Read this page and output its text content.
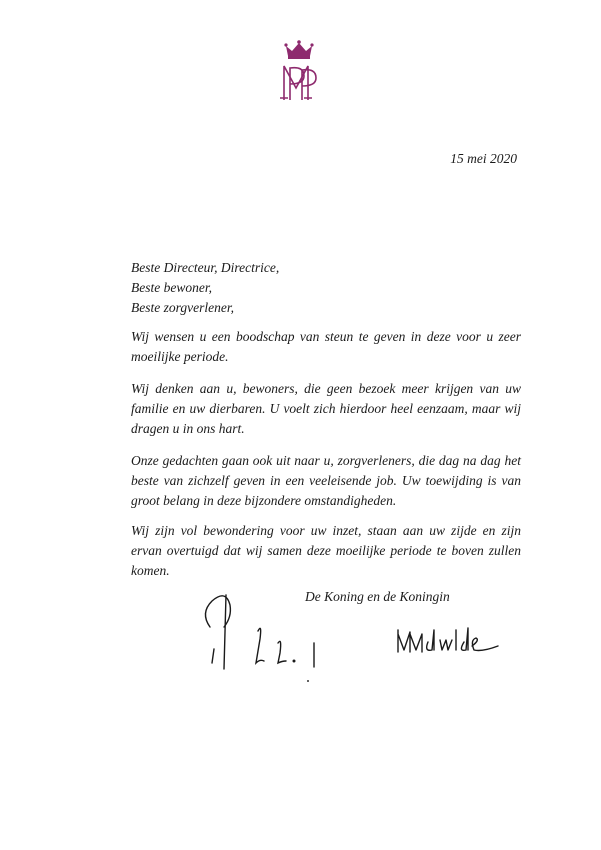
15 mei 2020
Beste Directeur, Directrice,
Beste bewoner,
Beste zorgverlener,
Wij wensen u een boodschap van steun te geven in deze voor u zeer moeilijke periode.
Wij denken aan u, bewoners, die geen bezoek meer krijgen van uw familie en uw dierbaren. U voelt zich hierdoor heel eenzaam, maar wij dragen u in ons hart.
Onze gedachten gaan ook uit naar u, zorgverleners, die dag na dag het beste van zichzelf geven in een veeleisende job. Uw toewijding is van groot belang in deze bijzondere omstandigheden.
Wij zijn vol bewondering voor uw inzet, staan aan uw zijde en zijn ervan overtuigd dat wij samen deze moeilijke periode te boven zullen komen.
De Koning en de Koningin
